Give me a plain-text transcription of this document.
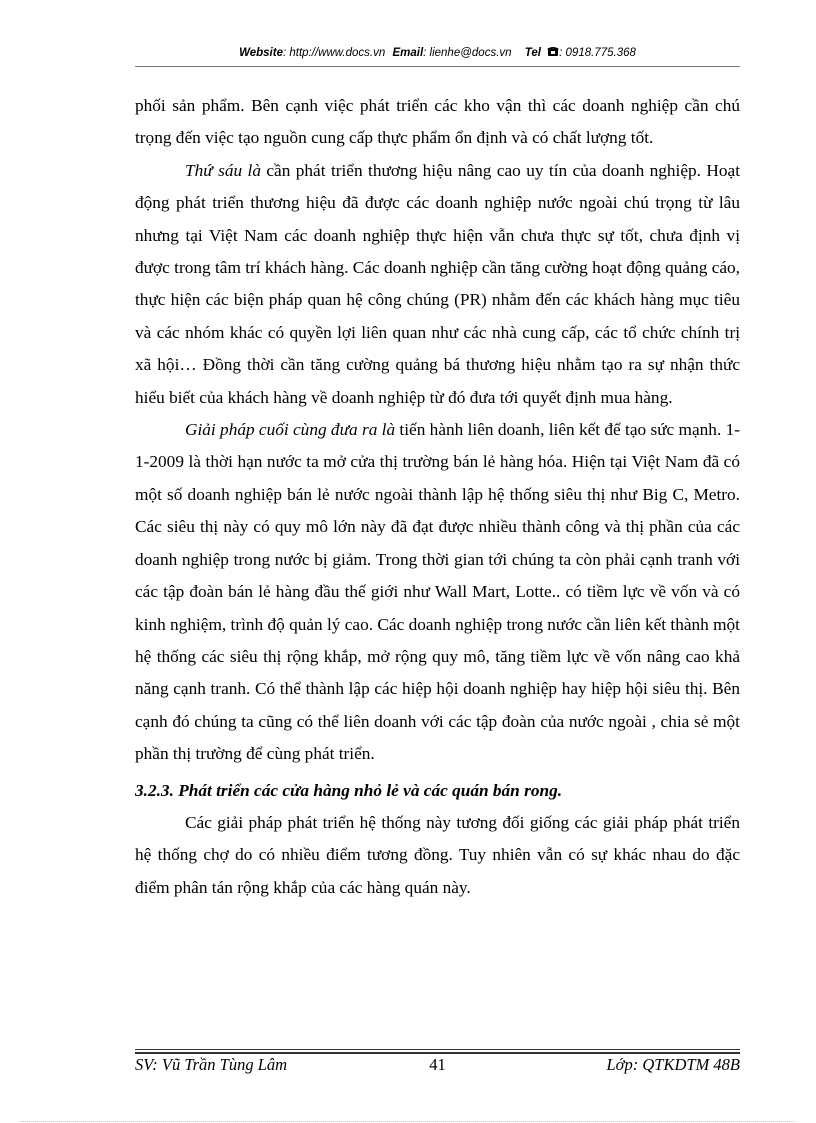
Website: http://www.docs.vn Email: lienhe@docs.vn Tel : 0918.775.368

phối sản phẩm. Bên cạnh việc phát triển các kho vận thì các doanh nghiệp cần chú trọng đến việc tạo nguồn cung cấp thực phẩm ổn định và có chất lượng tốt.

Thứ sáu là cần phát triển thương hiệu nâng cao uy tín của doanh nghiệp. Hoạt động phát triển thương hiệu đã được các doanh nghiệp nước ngoài chú trọng từ lâu nhưng tại Việt Nam các doanh nghiệp thực hiện vẫn chưa thực sự tốt, chưa định vị được trong tâm trí khách hàng. Các doanh nghiệp cần tăng cường hoạt động quảng cáo, thực hiện các biện pháp quan hệ công chúng (PR) nhằm đến các khách hàng mục tiêu và các nhóm khác có quyền lợi liên quan như các nhà cung cấp, các tổ chức chính trị xã hội… Đồng thời cần tăng cường quảng bá thương hiệu nhằm tạo ra sự nhận thức hiểu biết của khách hàng về doanh nghiệp từ đó đưa tới quyết định mua hàng.

Giải pháp cuối cùng đưa ra là tiến hành liên doanh, liên kết để tạo sức mạnh. 1-1-2009 là thời hạn nước ta mở cửa thị trường bán lẻ hàng hóa. Hiện tại Việt Nam đã có một số doanh nghiệp bán lẻ nước ngoài thành lập hệ thống siêu thị như Big C, Metro. Các siêu thị này có quy mô lớn này đã đạt được nhiều thành công và thị phần của các doanh nghiệp trong nước bị giảm. Trong thời gian tới chúng ta còn phải cạnh tranh với các tập đoàn bán lẻ hàng đầu thế giới như Wall Mart, Lotte.. có tiềm lực về vốn và có kinh nghiệm, trình độ quản lý cao. Các doanh nghiệp trong nước cần liên kết thành một hệ thống các siêu thị rộng khắp, mở rộng quy mô, tăng tiềm lực về vốn nâng cao khả năng cạnh tranh. Có thể thành lập các hiệp hội doanh nghiệp hay hiệp hội siêu thị. Bên cạnh đó chúng ta cũng có thể liên doanh với các tập đoàn của nước ngoài , chia sẻ một phần thị trường để cùng phát triển.

3.2.3. Phát triển các cửa hàng nhỏ lẻ và các quán bán rong.

Các giải pháp phát triển hệ thống này tương đối giống các giải pháp phát triển hệ thống chợ do có nhiều điểm tương đồng. Tuy nhiên vẫn có sự khác nhau do đặc điểm phân tán rộng khắp của các hàng quán này.

SV: Vũ Trần Tùng Lâm	41	Lớp: QTKDTM 48B
